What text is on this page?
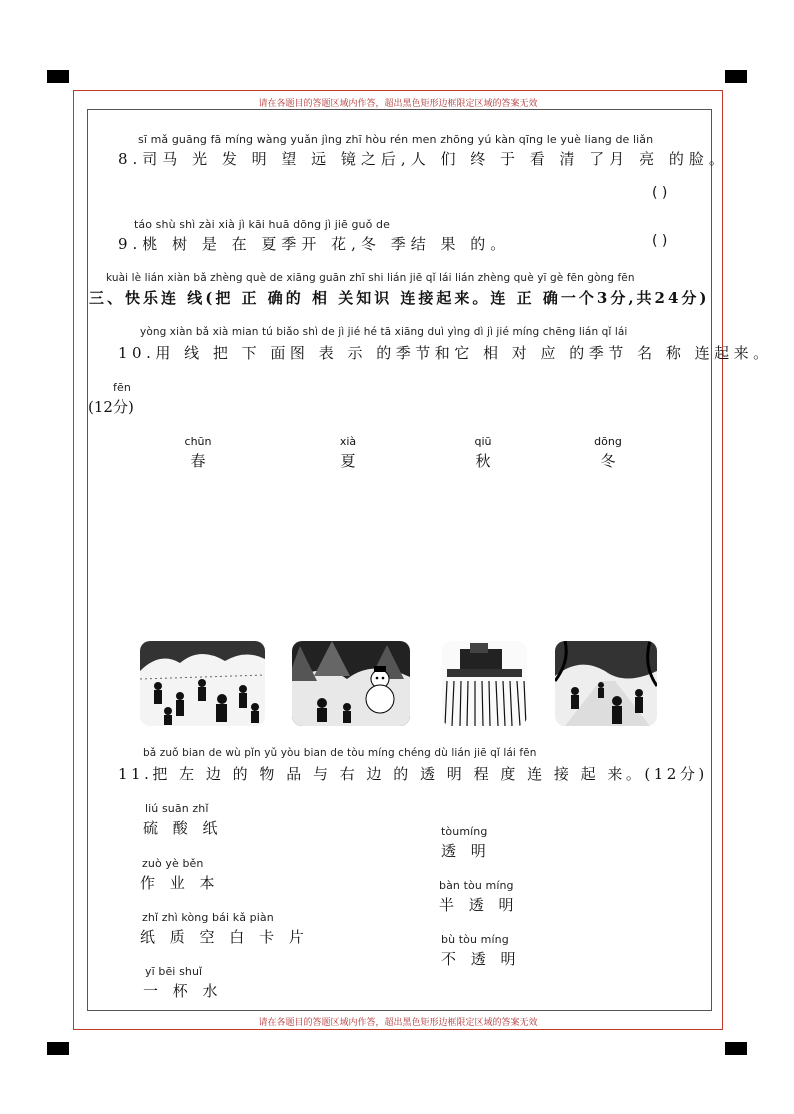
请在各题目的答题区域内作答，超出黑色矩形边框限定区域的答案无效
请在各题目的答题区域内作答，超出黑色矩形边框限定区域的答案无效
sī mǎ guāng fā míng wàng yuǎn jìng zhī hòu rén men zhōng yú kàn qīng le yuè liang de liǎn
8.司马 光 发 明 望 远 镜之后,人 们 终 于 看 清 了月 亮 的脸。
( )
táo shù shì zài xià jì kāi huā dōng jì jiē guǒ de
9.桃 树 是 在 夏季开 花,冬 季结 果 的。	( )
kuài lè lián xiàn bǎ zhèng què de xiāng guān zhī shi lián jiē qǐ lái lián zhèng què yī gè fēn gòng fēn
三、快乐连 线(把 正 确的 相 关知识 连接起来。连 正 确一个3分,共24分)
yòng xiàn bǎ xià mian tú biǎo shì de jì jié hé tā xiāng duì yìng dì jì jié míng chēng lián qǐ lái
10.用 线 把 下 面图 表 示 的季节和它 相 对 应 的季节 名 称 连起来。
fēn
(12分)
chūn
春
xià
夏
qiū
秋
dōng
冬
bǎ zuǒ bian de wù pǐn yǔ yòu bian de tòu míng chéng dù lián jiē qǐ lái fēn
11.把 左 边 的 物 品 与 右 边 的 透 明 程 度 连 接 起 来。(12分)
liú suān zhǐ
硫 酸 纸
zuò yè běn
作 业 本
zhǐ zhì kòng bái kǎ piàn
纸 质 空 白 卡 片
yī bēi shuǐ
一 杯 水
tòumíng
透 明
bàn tòu míng
半 透 明
bù tòu míng
不 透 明
